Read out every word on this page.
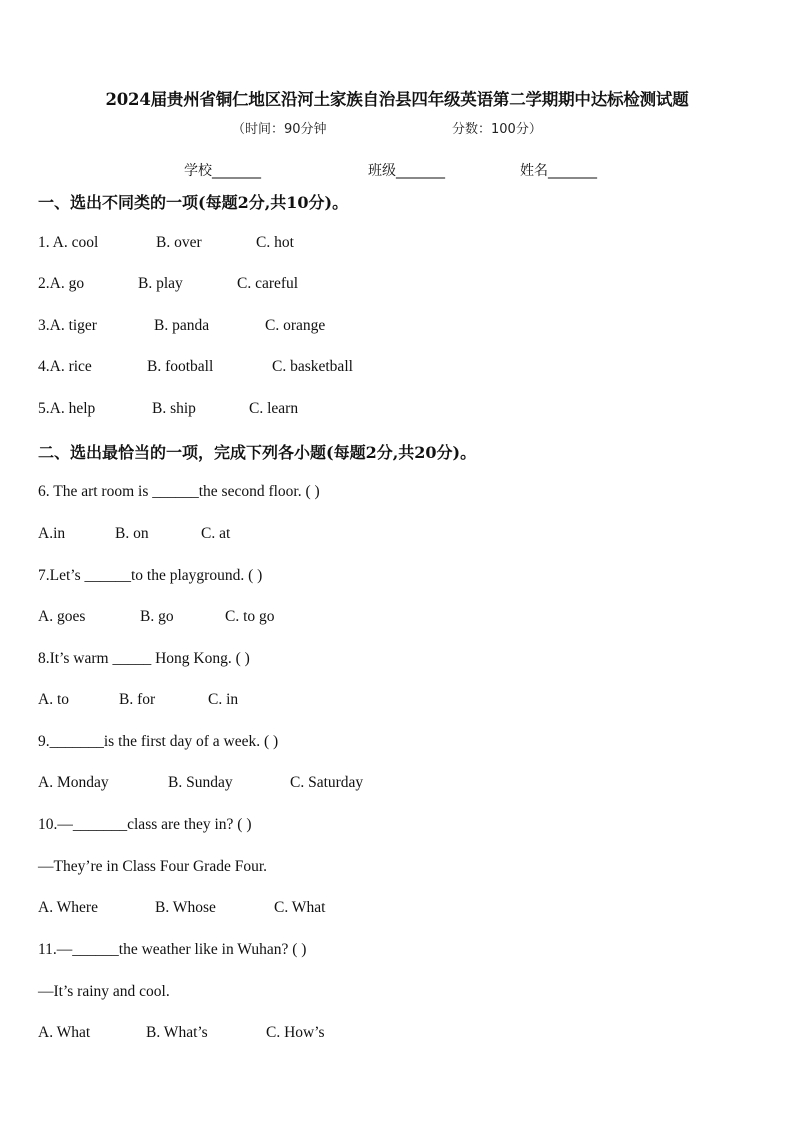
2024届贵州省铜仁地区沿河土家族自治县四年级英语第二学期期中达标检测试题
（时间：90分钟	分数：100分）
学校_______	班级_______	姓名_______
一、选出不同类的一项(每题2分,共10分)。
1. A. cool	B. over	C. hot
2.A. go	B. play	C. careful
3.A. tiger	B. panda	C. orange
4.A. rice	B. football	C. basketball
5.A. help	B. ship	C. learn
二、选出最恰当的一项，完成下列各小题(每题2分,共20分)。
6. The art room is ______the second floor. ( )
A.in	B. on	C. at
7.Let’s ______to the playground. ( )
A. goes	B. go	C. to go
8.It’s warm _____ Hong Kong. ( )
A. to	B. for	C. in
9._______is the first day of a week. ( )
A. Monday	B. Sunday	C. Saturday
10.—_______class are they in? ( )
—They’re in Class Four Grade Four.
A. Where	B. Whose	C. What
11.—______the weather like in Wuhan? ( )
—It’s rainy and cool.
A. What	B. What’s	C. How’s
